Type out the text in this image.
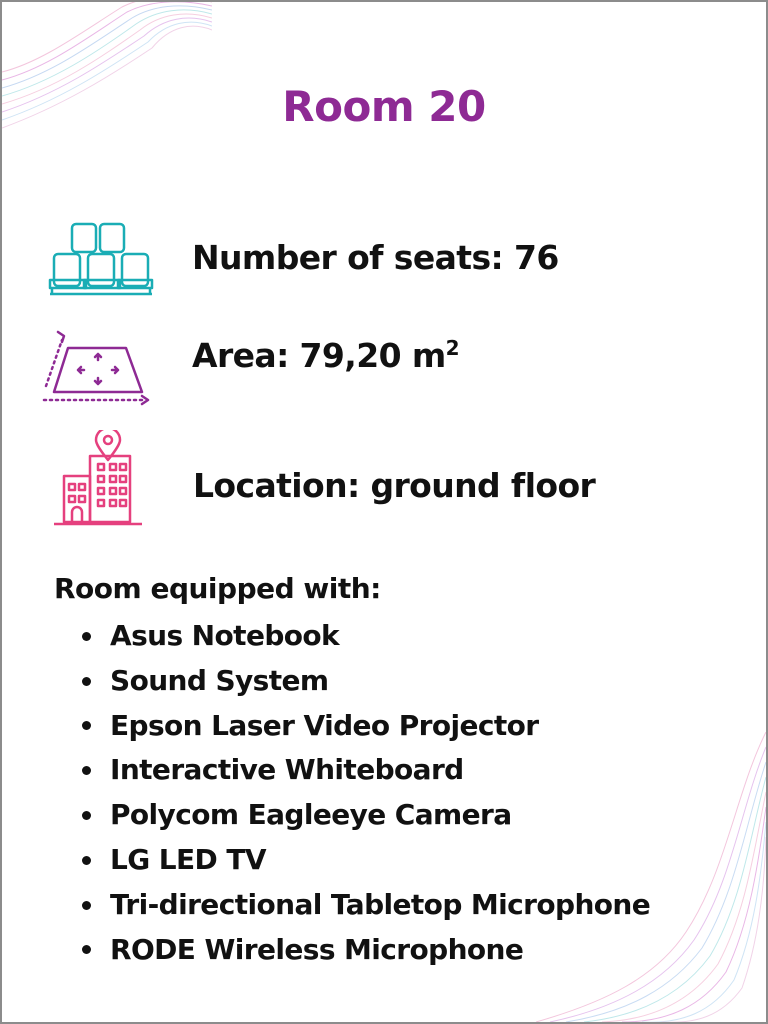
Room 20
Number of seats: 76
Area: 79,20 $m^2$
Location: ground floor
Room equipped with:
Asus Notebook
Sound System
Epson Laser Video Projector
Interactive Whiteboard
Polycom Eagleeye Camera
LG LED TV
Tri-directional Tabletop Microphone
RODE Wireless Microphone
